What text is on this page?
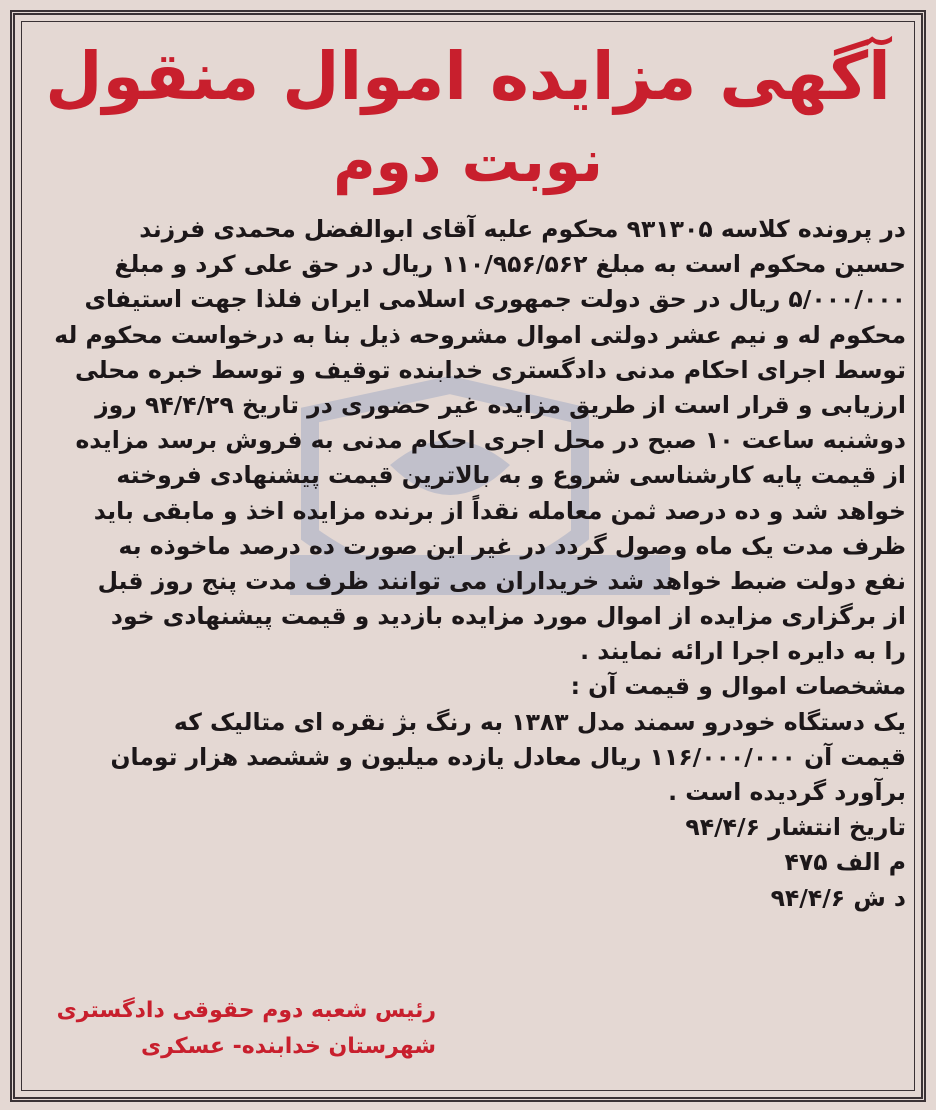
آگهی مزایده اموال منقول
نوبت دوم
در پرونده کلاسه ۹۳۱۳۰۵ محکوم علیه آقای ابوالفضل محمدی فرزند
حسین محکوم است به مبلغ ۱۱۰/۹۵۶/۵۶۲ ریال در حق علی کرد و مبلغ
۵/۰۰۰/۰۰۰ ریال در حق دولت جمهوری اسلامی ایران فلذا جهت استیفای
محکوم له و نیم عشر دولتی اموال مشروحه ذیل بنا به درخواست محکوم له
توسط اجرای احکام مدنی دادگستری خدابنده توقیف و توسط خبره محلی
ارزیابی و قرار است از طریق مزایده غیر حضوری در تاریخ ۹۴/۴/۲۹ روز
دوشنبه ساعت ۱۰ صبح در محل اجری احکام مدنی به فروش برسد مزایده
از قیمت پایه کارشناسی شروع و به بالاترین قیمت پیشنهادی فروخته
خواهد شد و ده درصد ثمن معامله نقداً از برنده مزایده اخذ و مابقی باید
ظرف مدت یک ماه وصول گردد در غیر این صورت ده درصد ماخوذه به
نفع دولت ضبط خواهد شد خریداران می توانند ظرف مدت پنج روز قبل
از برگزاری مزایده از اموال مورد مزایده بازدید و قیمت پیشنهادی خود
را به دایره اجرا ارائه نمایند .
مشخصات اموال و قیمت آن :
یک دستگاه خودرو سمند مدل ۱۳۸۳ به رنگ بژ نقره ای متالیک که
قیمت آن ۱۱۶/۰۰۰/۰۰۰ ریال معادل یازده میلیون و ششصد هزار تومان
برآورد گردیده است .
تاریخ انتشار ۹۴/۴/۶
م الف ۴۷۵
د ش ۹۴/۴/۶
رئیس شعبه دوم حقوقی دادگستری
شهرستان خدابنده- عسکری
